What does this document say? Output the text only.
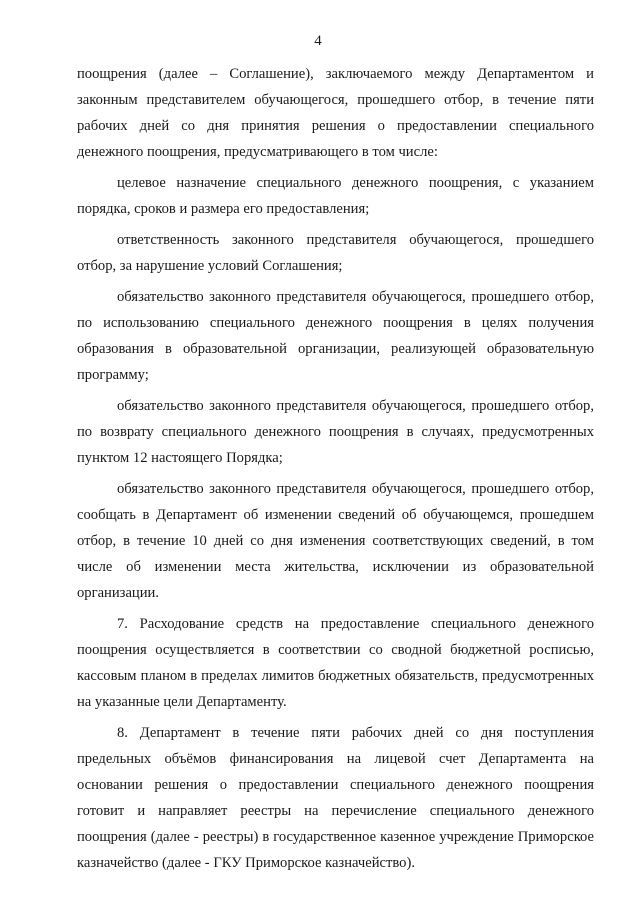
4

поощрения (далее – Соглашение), заключаемого между Департаментом и законным представителем обучающегося, прошедшего отбор, в течение пяти рабочих дней со дня принятия решения о предоставлении специального денежного поощрения, предусматривающего в том числе:

целевое назначение специального денежного поощрения, с указанием порядка, сроков и размера его предоставления;

ответственность законного представителя обучающегося, прошедшего отбор, за нарушение условий Соглашения;

обязательство законного представителя обучающегося, прошедшего отбор, по использованию специального денежного поощрения в целях получения образования в образовательной организации, реализующей образовательную программу;

обязательство законного представителя обучающегося, прошедшего отбор, по возврату специального денежного поощрения в случаях, предусмотренных пунктом 12 настоящего Порядка;

обязательство законного представителя обучающегося, прошедшего отбор, сообщать в Департамент об изменении сведений об обучающемся, прошедшем отбор, в течение 10 дней со дня изменения соответствующих сведений, в том числе об изменении места жительства, исключении из образовательной организации.

7. Расходование средств на предоставление специального денежного поощрения осуществляется в соответствии со сводной бюджетной росписью, кассовым планом в пределах лимитов бюджетных обязательств, предусмотренных на указанные цели Департаменту.

8. Департамент в течение пяти рабочих дней со дня поступления предельных объёмов финансирования на лицевой счет Департамента на основании решения о предоставлении специального денежного поощрения готовит и направляет реестры на перечисление специального денежного поощрения (далее - реестры) в государственное казенное учреждение Приморское казначейство (далее - ГКУ Приморское казначейство).
